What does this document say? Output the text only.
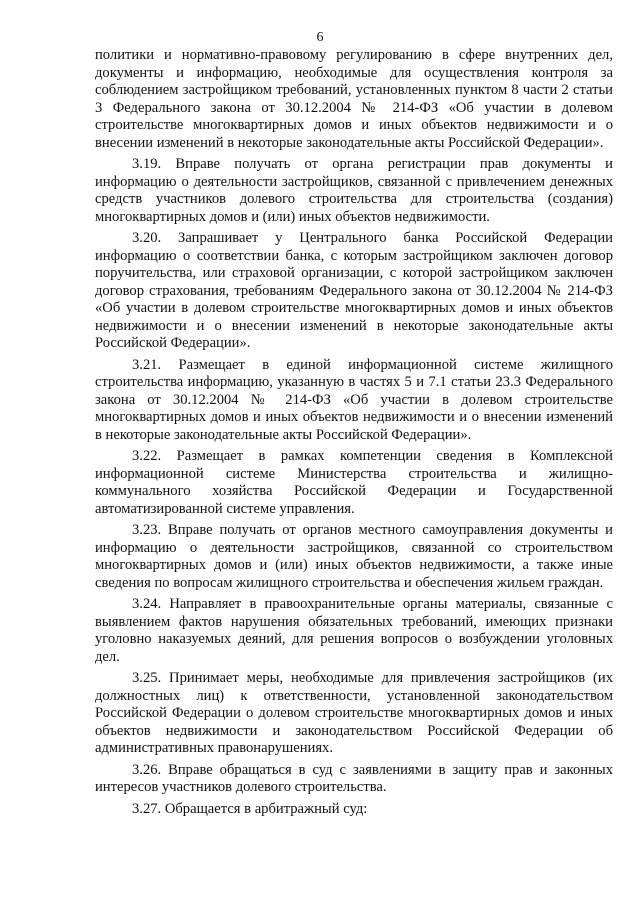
6

политики и нормативно-правовому регулированию в сфере внутренних дел, документы и информацию, необходимые для осуществления контроля за соблюдением застройщиком требований, установленных пунктом 8 части 2 статьи 3 Федерального закона от 30.12.2004 № 214-ФЗ «Об участии в долевом строительстве многоквартирных домов и иных объектов недвижимости и о внесении изменений в некоторые законодательные акты Российской Федерации».

3.19. Вправе получать от органа регистрации прав документы и информацию о деятельности застройщиков, связанной с привлечением денежных средств участников долевого строительства для строительства (создания) многоквартирных домов и (или) иных объектов недвижимости.

3.20. Запрашивает у Центрального банка Российской Федерации информацию о соответствии банка, с которым застройщиком заключен договор поручительства, или страховой организации, с которой застройщиком заключен договор страхования, требованиям Федерального закона от 30.12.2004 № 214-ФЗ «Об участии в долевом строительстве многоквартирных домов и иных объектов недвижимости и о внесении изменений в некоторые законодательные акты Российской Федерации».

3.21. Размещает в единой информационной системе жилищного строительства информацию, указанную в частях 5 и 7.1 статьи 23.3 Федерального закона от 30.12.2004 № 214-ФЗ «Об участии в долевом строительстве многоквартирных домов и иных объектов недвижимости и о внесении изменений в некоторые законодательные акты Российской Федерации».

3.22. Размещает в рамках компетенции сведения в Комплексной информационной системе Министерства строительства и жилищно-коммунального хозяйства Российской Федерации и Государственной автоматизированной системе управления.

3.23. Вправе получать от органов местного самоуправления документы и информацию о деятельности застройщиков, связанной со строительством многоквартирных домов и (или) иных объектов недвижимости, а также иные сведения по вопросам жилищного строительства и обеспечения жильем граждан.

3.24. Направляет в правоохранительные органы материалы, связанные с выявлением фактов нарушения обязательных требований, имеющих признаки уголовно наказуемых деяний, для решения вопросов о возбуждении уголовных дел.

3.25. Принимает меры, необходимые для привлечения застройщиков (их должностных лиц) к ответственности, установленной законодательством Российской Федерации о долевом строительстве многоквартирных домов и иных объектов недвижимости и законодательством Российской Федерации об административных правонарушениях.

3.26. Вправе обращаться в суд с заявлениями в защиту прав и законных интересов участников долевого строительства.

3.27. Обращается в арбитражный суд:
